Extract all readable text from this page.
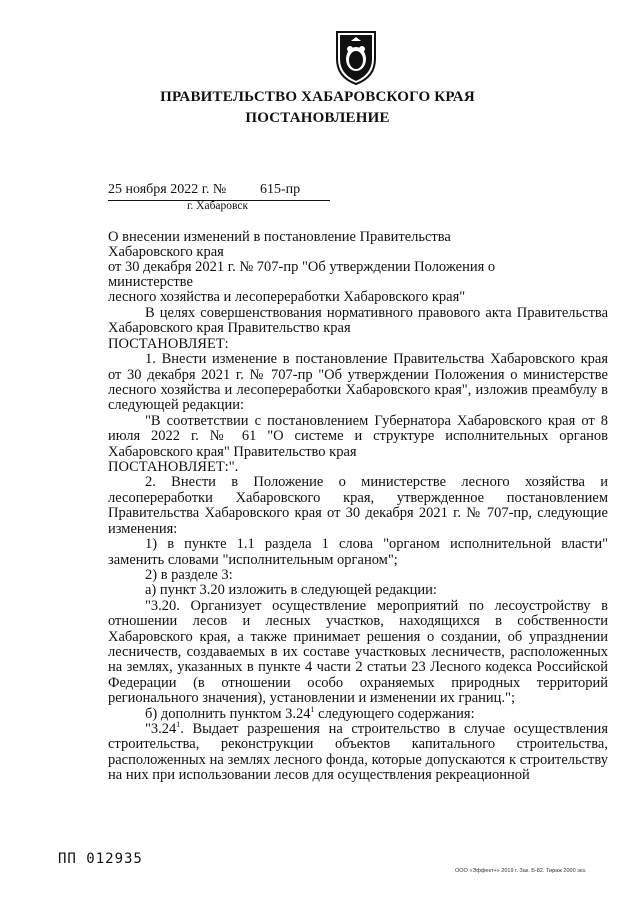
ПРАВИТЕЛЬСТВО ХАБАРОВСКОГО КРАЯ
ПОСТАНОВЛЕНИЕ
25 ноября 2022 г. № 615-пр
г. Хабаровск
О внесении изменений в постановление Правительства Хабаровского края
от 30 декабря 2021 г. № 707-пр "Об утверждении Положения о министерстве
лесного хозяйства и лесопереработки Хабаровского края"

В целях совершенствования нормативного правового акта Правительства Хабаровского края Правительство края

ПОСТАНОВЛЯЕТ:

1. Внести изменение в постановление Правительства Хабаровского края от 30 декабря 2021 г. № 707-пр "Об утверждении Положения о министерстве лесного хозяйства и лесопереработки Хабаровского края", изложив преамбулу в следующей редакции:

"В соответствии с постановлением Губернатора Хабаровского края от 8 июля 2022 г. № 61 "О системе и структуре исполнительных органов Хабаровского края" Правительство края

ПОСТАНОВЛЯЕТ:".

2. Внести в Положение о министерстве лесного хозяйства и лесопереработки Хабаровского края, утвержденное постановлением Правительства Хабаровского края от 30 декабря 2021 г. № 707-пр, следующие изменения:

1) в пункте 1.1 раздела 1 слова "органом исполнительной власти" заменить словами "исполнительным органом";

2) в разделе 3:

а) пункт 3.20 изложить в следующей редакции:

"3.20. Организует осуществление мероприятий по лесоустройству в отношении лесов и лесных участков, находящихся в собственности Хабаровского края, а также принимает решения о создании, об упразднении лесничеств, создаваемых в их составе участковых лесничеств, расположенных на землях, указанных в пункте 4 части 2 статьи 23 Лесного кодекса Российской Федерации (в отношении особо охраняемых природных территорий регионального значения), установлении и изменении их границ.";

б) дополнить пунктом 3.24$^1$ следующего содержания:

"3.24$^1$. Выдает разрешения на строительство в случае осуществления строительства, реконструкции объектов капитального строительства, расположенных на землях лесного фонда, которые допускаются к строительству на них при использовании лесов для осуществления рекреационной

ПП 012935
ООО «Эффект+» 2019 г. Зак. Б-82. Тираж 2000 экз.
